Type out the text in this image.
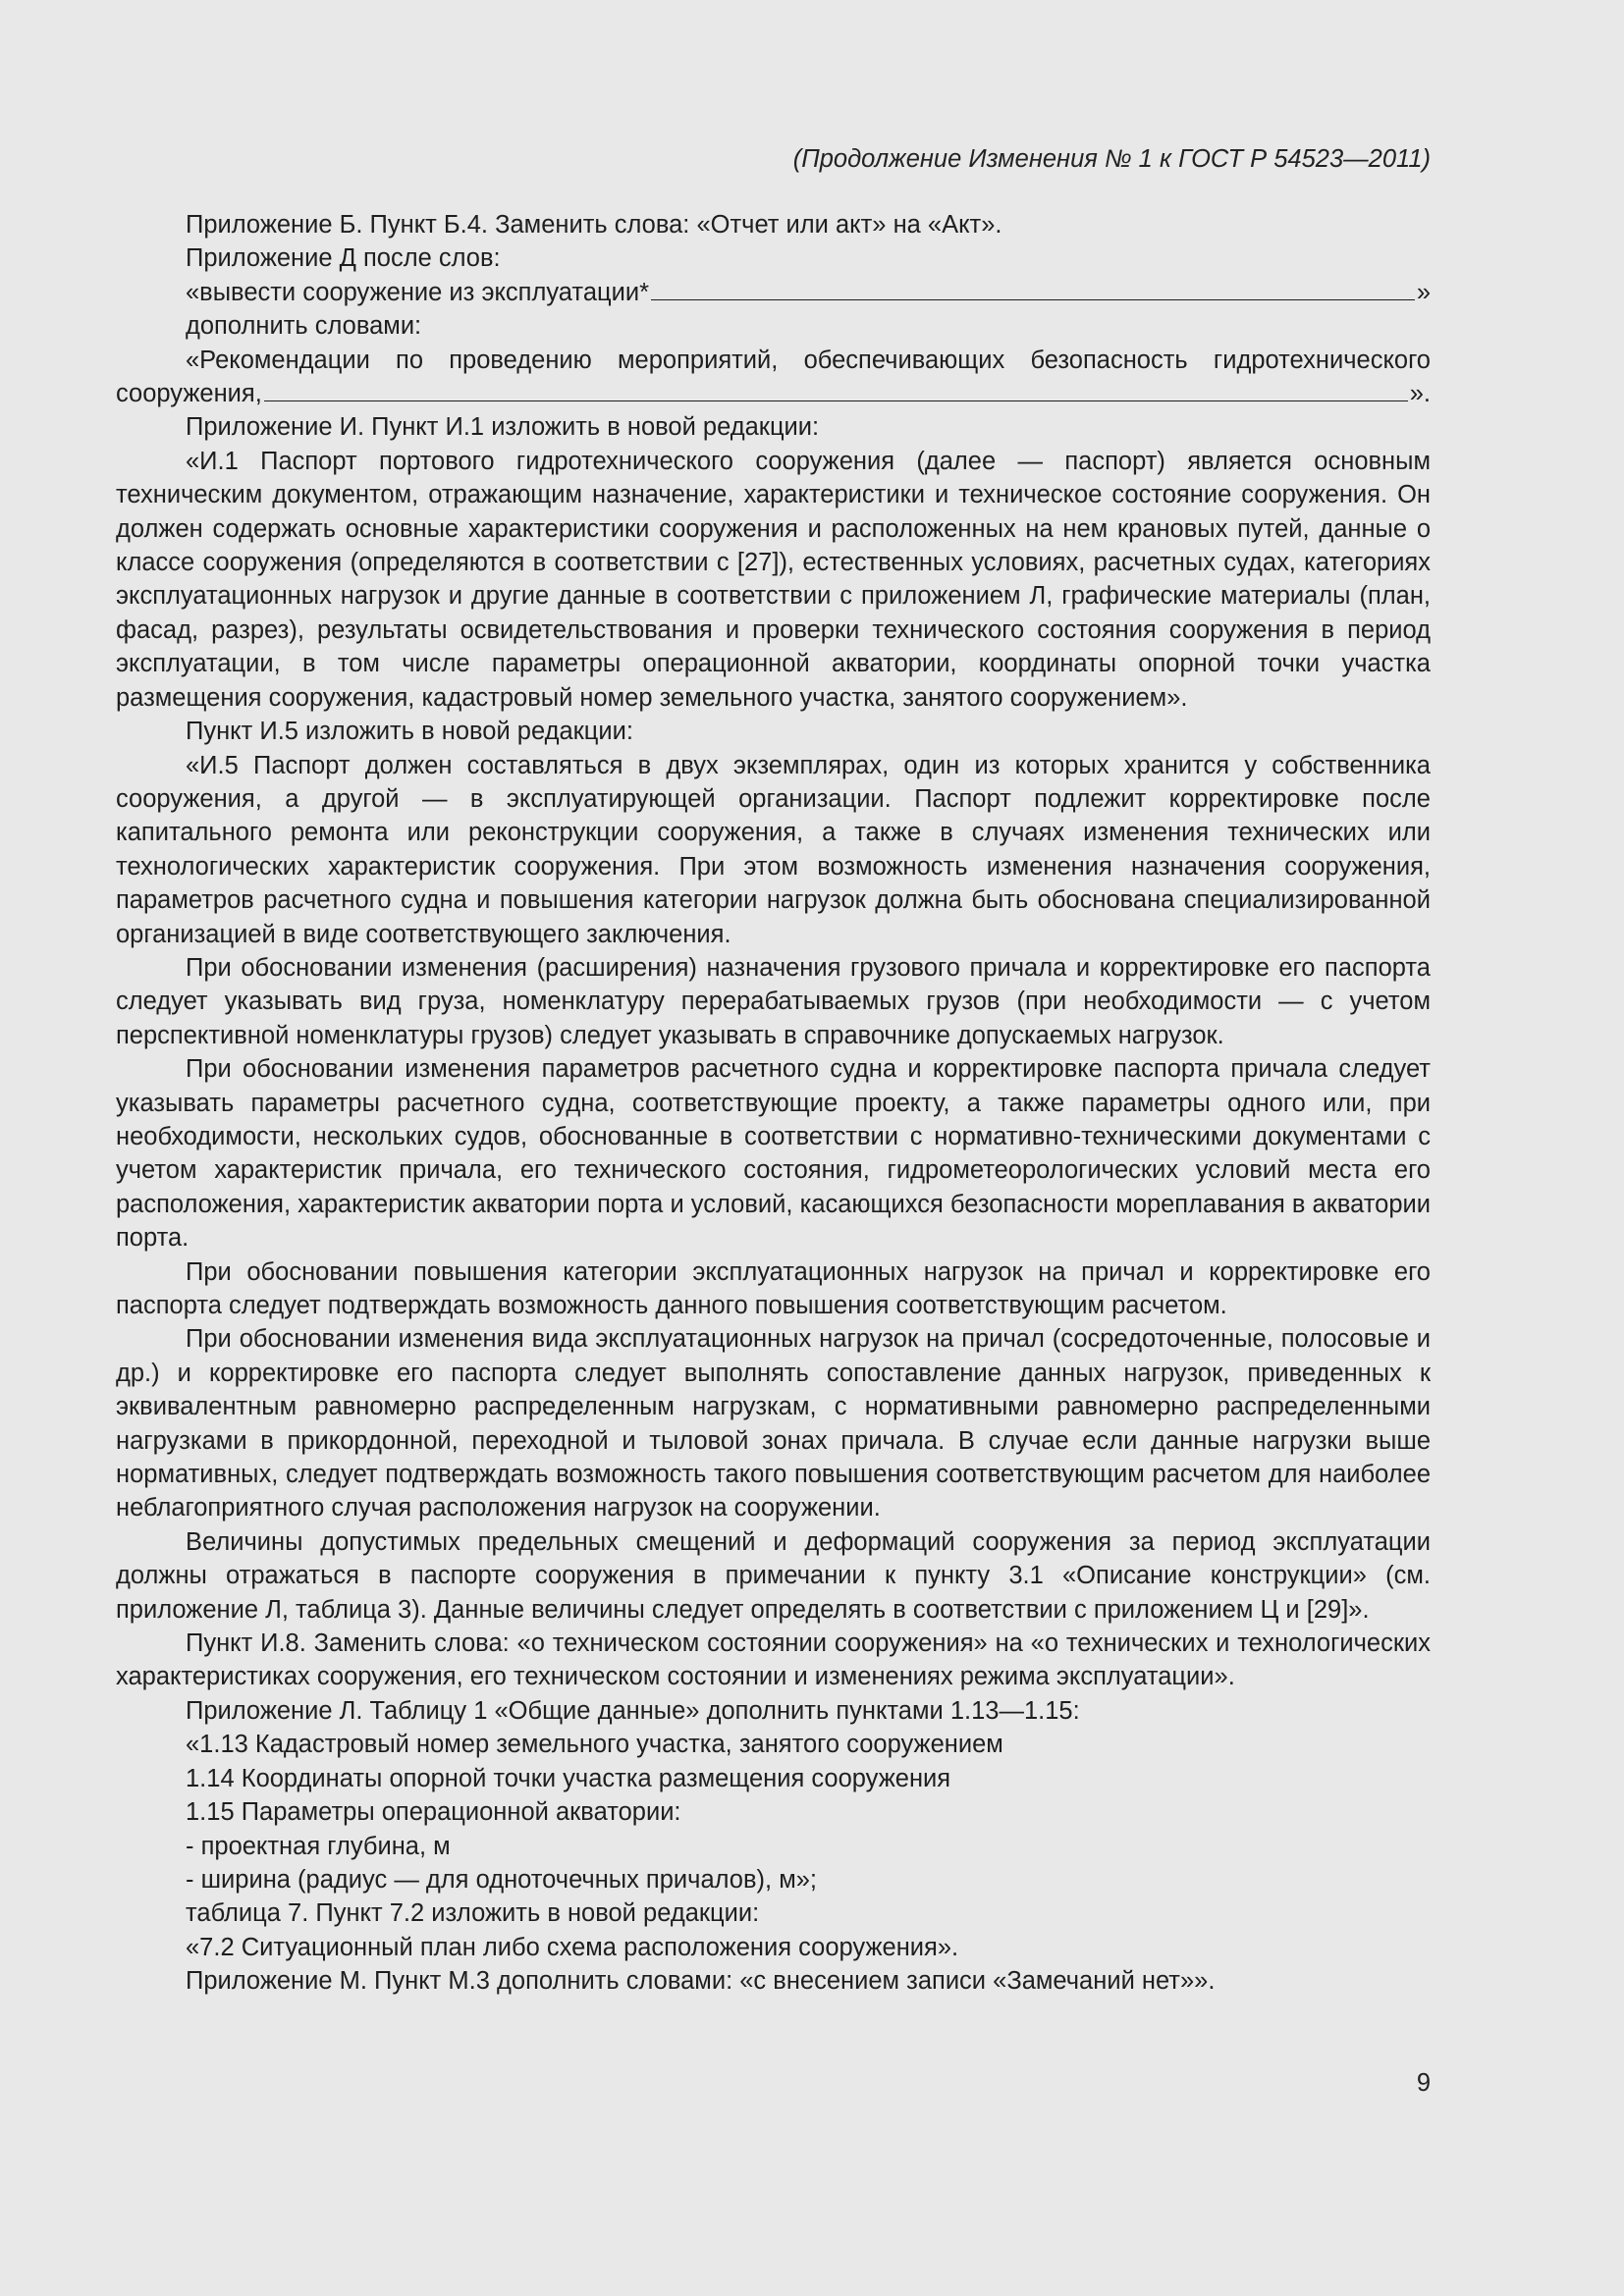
(Продолжение Изменения № 1 к ГОСТ Р 54523—2011)

Приложение Б. Пункт Б.4. Заменить слова: «Отчет или акт» на «Акт».

Приложение Д после слов:

«вывести сооружение из эксплуатации*	»

дополнить словами:

«Рекомендации по проведению мероприятий, обеспечивающих безопасность гидротехнического

сооружения,	».

Приложение И. Пункт И.1 изложить в новой редакции:

«И.1 Паспорт портового гидротехнического сооружения (далее — паспорт) является основным техническим документом, отражающим назначение, характеристики и техническое состояние сооружения. Он должен содержать основные характеристики сооружения и расположенных на нем крановых путей, данные о классе сооружения (определяются в соответствии с [27]), естественных условиях, расчетных судах, категориях эксплуатационных нагрузок и другие данные в соответствии с приложением Л, графические материалы (план, фасад, разрез), результаты освидетельствования и проверки технического состояния сооружения в период эксплуатации, в том числе параметры операционной акватории, координаты опорной точки участка размещения сооружения, кадастровый номер земельного участка, занятого сооружением».

Пункт И.5 изложить в новой редакции:

«И.5 Паспорт должен составляться в двух экземплярах, один из которых хранится у собственника сооружения, а другой — в эксплуатирующей организации. Паспорт подлежит корректировке после капитального ремонта или реконструкции сооружения, а также в случаях изменения технических или технологических характеристик сооружения. При этом возможность изменения назначения сооружения, параметров расчетного судна и повышения категории нагрузок должна быть обоснована специализированной организацией в виде соответствующего заключения.

При обосновании изменения (расширения) назначения грузового причала и корректировке его паспорта следует указывать вид груза, номенклатуру перерабатываемых грузов (при необходимости — с учетом перспективной номенклатуры грузов) следует указывать в справочнике допускаемых нагрузок.

При обосновании изменения параметров расчетного судна и корректировке паспорта причала следует указывать параметры расчетного судна, соответствующие проекту, а также параметры одного или, при необходимости, нескольких судов, обоснованные в соответствии с нормативно-техническими документами с учетом характеристик причала, его технического состояния, гидрометеорологических условий места его расположения, характеристик акватории порта и условий, касающихся безопасности мореплавания в акватории порта.

При обосновании повышения категории эксплуатационных нагрузок на причал и корректировке его паспорта следует подтверждать возможность данного повышения соответствующим расчетом.

При обосновании изменения вида эксплуатационных нагрузок на причал (сосредоточенные, полосовые и др.) и корректировке его паспорта следует выполнять сопоставление данных нагрузок, приведенных к эквивалентным равномерно распределенным нагрузкам, с нормативными равномерно распределенными нагрузками в прикордонной, переходной и тыловой зонах причала. В случае если данные нагрузки выше нормативных, следует подтверждать возможность такого повышения соответствующим расчетом для наиболее неблагоприятного случая расположения нагрузок на сооружении.

Величины допустимых предельных смещений и деформаций сооружения за период эксплуатации должны отражаться в паспорте сооружения в примечании к пункту 3.1 «Описание конструкции» (см. приложение Л, таблица 3). Данные величины следует определять в соответствии с приложением Ц и [29]».

Пункт И.8. Заменить слова: «о техническом состоянии сооружения» на «о технических и технологических характеристиках сооружения, его техническом состоянии и изменениях режима эксплуатации».

Приложение Л. Таблицу 1 «Общие данные» дополнить пунктами 1.13—1.15:

«1.13 Кадастровый номер земельного участка, занятого сооружением

1.14 Координаты опорной точки участка размещения сооружения

1.15 Параметры операционной акватории:

- проектная глубина, м

- ширина (радиус — для одноточечных причалов), м»;

таблица 7. Пункт 7.2 изложить в новой редакции:

«7.2 Ситуационный план либо схема расположения сооружения».

Приложение М. Пункт М.3 дополнить словами: «с внесением записи «Замечаний нет»».

9
